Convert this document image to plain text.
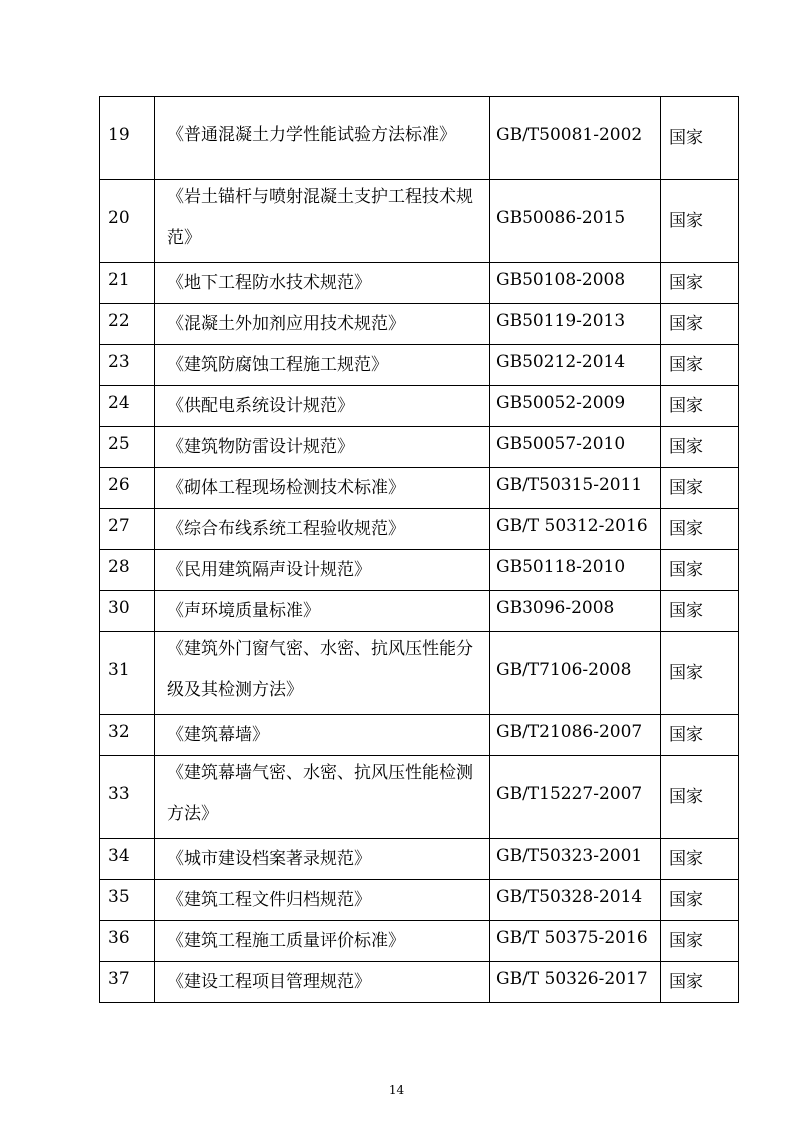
19	《普通混凝土力学性能试验方法标准》	GB/T50081-2002	国家

20	《岩土锚杆与喷射混凝土支护工程技术规范》	GB50086-2015	国家

21	《地下工程防水技术规范》	GB50108-2008	国家

22	《混凝土外加剂应用技术规范》	GB50119-2013	国家

23	《建筑防腐蚀工程施工规范》	GB50212-2014	国家

24	《供配电系统设计规范》	GB50052-2009	国家

25	《建筑物防雷设计规范》	GB50057-2010	国家

26	《砌体工程现场检测技术标准》	GB/T50315-2011	国家

27	《综合布线系统工程验收规范》	GB/T 50312-2016	国家

28	《民用建筑隔声设计规范》	GB50118-2010	国家

30	《声环境质量标准》	GB3096-2008	国家

31	《建筑外门窗气密、水密、抗风压性能分级及其检测方法》	GB/T7106-2008	国家

32	《建筑幕墙》	GB/T21086-2007	国家

33	《建筑幕墙气密、水密、抗风压性能检测方法》	GB/T15227-2007	国家

34	《城市建设档案著录规范》	GB/T50323-2001	国家

35	《建筑工程文件归档规范》	GB/T50328-2014	国家

36	《建筑工程施工质量评价标准》	GB/T 50375-2016	国家

37	《建设工程项目管理规范》	GB/T 50326-2017	国家
14
